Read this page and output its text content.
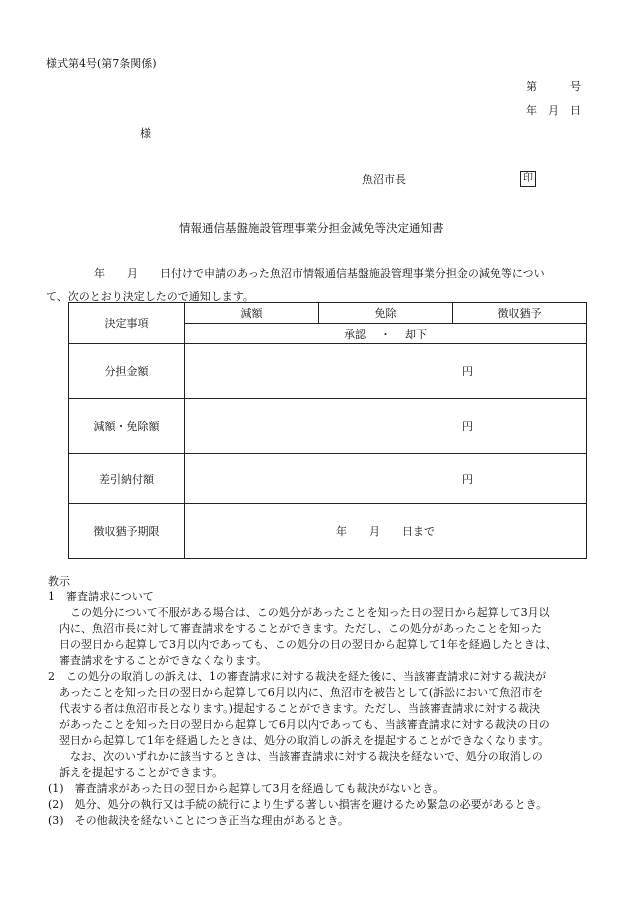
様式第4号(第7条関係)
第　　　号
年　月　日
様
魚沼市長	印
情報通信基盤施設管理事業分担金減免等決定通知書
年　　月　　日付けで申請のあった魚沼市情報通信基盤施設管理事業分担金の減免等につい
て、次のとおり決定したので通知します。
決定事項	減額	免除	徴収猶予
	承認 ・ 却下		
分担金額	円		
減額・免除額	円		
差引納付額	円		
徴収猶予期限	年　　月　　日まで		
教示
1　審査請求について
　　この処分について不服がある場合は、この処分があったことを知った日の翌日から起算して3月以
　内に、魚沼市長に対して審査請求をすることができます。ただし、この処分があったことを知った
　日の翌日から起算して3月以内であっても、この処分の日の翌日から起算して1年を経過したときは、
　審査請求をすることができなくなります。
2　この処分の取消しの訴えは、1の審査請求に対する裁決を経た後に、当該審査請求に対する裁決が
　あったことを知った日の翌日から起算して6月以内に、魚沼市を被告として(訴訟において魚沼市を
　代表する者は魚沼市長となります。)提起することができます。ただし、当該審査請求に対する裁決
　があったことを知った日の翌日から起算して6月以内であっても、当該審査請求に対する裁決の日の
　翌日から起算して1年を経過したときは、処分の取消しの訴えを提起することができなくなります。
　　なお、次のいずれかに該当するときは、当該審査請求に対する裁決を経ないで、処分の取消しの
　訴えを提起することができます。
(1)　審査請求があった日の翌日から起算して3月を経過しても裁決がないとき。
(2)　処分、処分の執行又は手続の続行により生ずる著しい損害を避けるため緊急の必要があるとき。
(3)　その他裁決を経ないことにつき正当な理由があるとき。
